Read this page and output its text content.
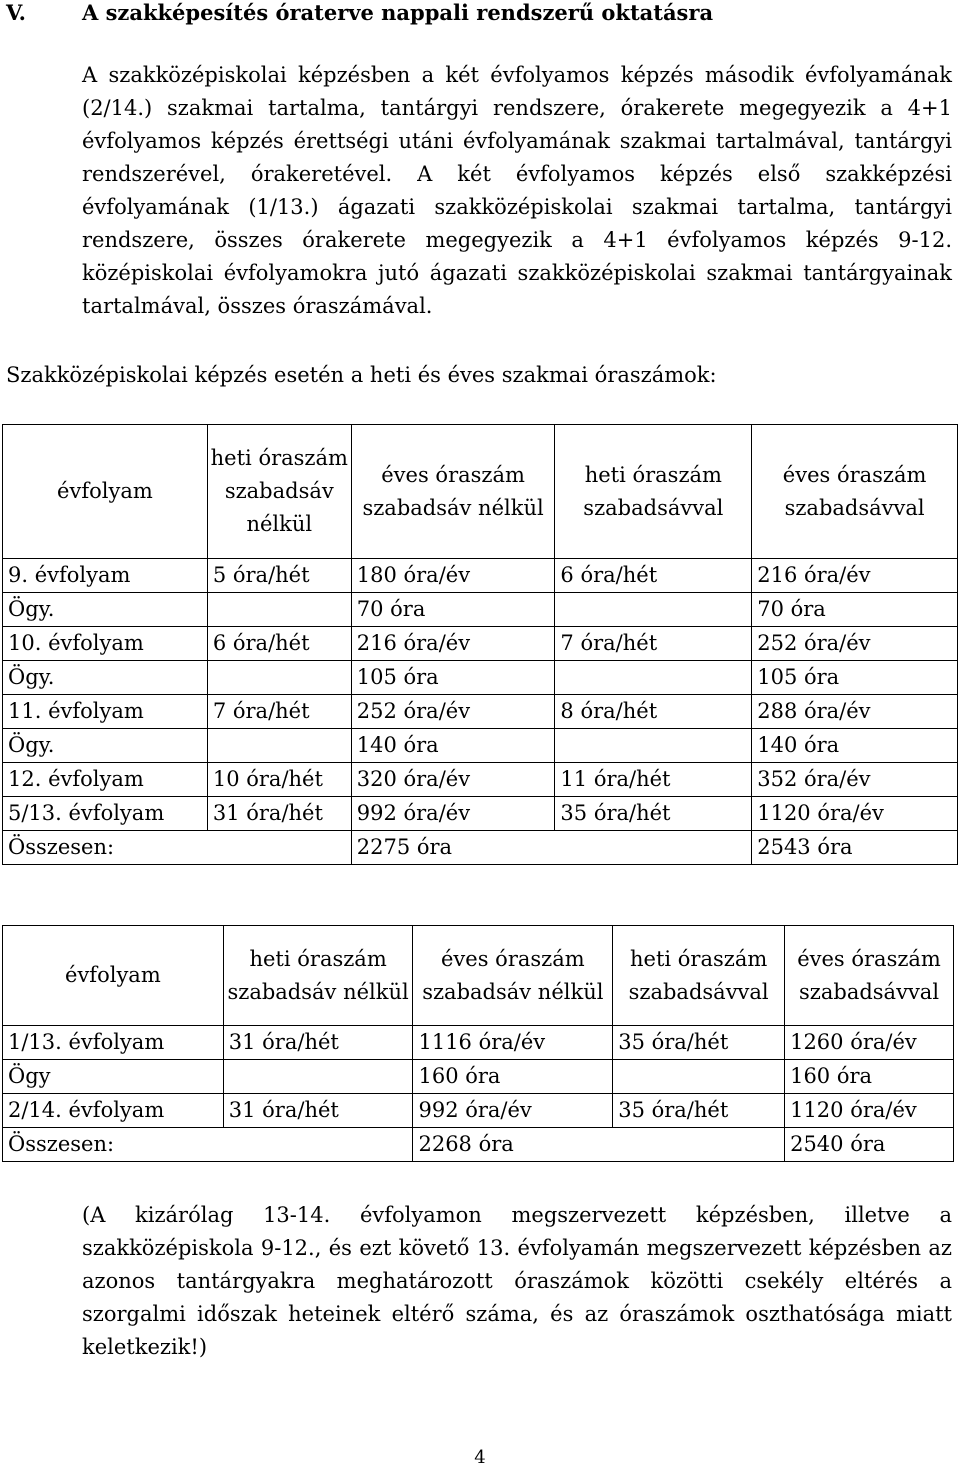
V.	A szakképesítés óraterve nappali rendszerű oktatásra

A szakközépiskolai képzésben a két évfolyamos képzés második évfolyamának (2/14.) szakmai tartalma, tantárgyi rendszere, órakerete megegyezik a 4+1 évfolyamos képzés érettségi utáni évfolyamának szakmai tartalmával, tantárgyi rendszerével, órakeretével. A két évfolyamos képzés első szakképzési évfolyamának (1/13.) ágazati szakközépiskolai szakmai tartalma, tantárgyi rendszere, összes órakerete megegyezik a 4+1 évfolyamos képzés 9-12. középiskolai évfolyamokra jutó ágazati szakközépiskolai szakmai tantárgyainak tartalmával, összes óraszámával.

Szakközépiskolai képzés esetén a heti és éves szakmai óraszámok:

évfolyam	heti óraszám szabadsáv nélkül	éves óraszám szabadsáv nélkül	heti óraszám szabadsávval	éves óraszám szabadsávval
9. évfolyam	5 óra/hét	180 óra/év	6 óra/hét	216 óra/év
Ögy.		70 óra		70 óra
10. évfolyam	6 óra/hét	216 óra/év	7 óra/hét	252 óra/év
Ögy.		105 óra		105 óra
11. évfolyam	7 óra/hét	252 óra/év	8 óra/hét	288 óra/év
Ögy.		140 óra		140 óra
12. évfolyam	10 óra/hét	320 óra/év	11 óra/hét	352 óra/év
5/13. évfolyam	31 óra/hét	992 óra/év	35 óra/hét	1120 óra/év
Összesen:		2275 óra		2543 óra
évfolyam	heti óraszám szabadsáv nélkül	éves óraszám szabadsáv nélkül	heti óraszám szabadsávval	éves óraszám szabadsávval
1/13. évfolyam	31 óra/hét	1116 óra/év	35 óra/hét	1260 óra/év
Ögy		160 óra		160 óra
2/14. évfolyam	31 óra/hét	992 óra/év	35 óra/hét	1120 óra/év
Összesen:		2268 óra		2540 óra

(A kizárólag 13-14. évfolyamon megszervezett képzésben, illetve a szakközépiskola 9-12., és ezt követő 13. évfolyamán megszervezett képzésben az azonos tantárgyakra meghatározott óraszámok közötti csekély eltérés a szorgalmi időszak heteinek eltérő száma, és az óraszámok oszthatósága miatt keletkezik!)

4
